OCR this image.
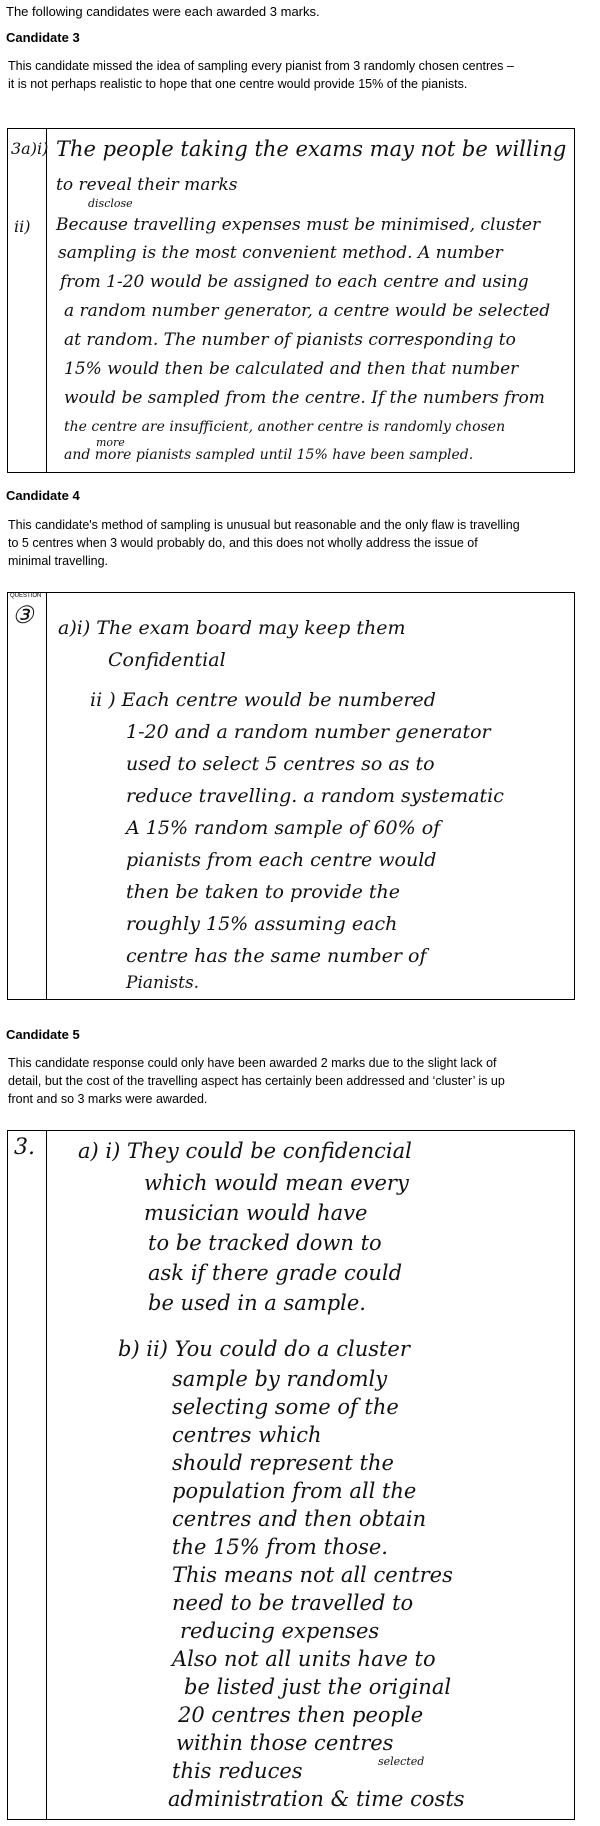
The following candidates were each awarded 3 marks.
Candidate 3
This candidate missed the idea of sampling every pianist from 3 randomly chosen centres –
it is not perhaps realistic to hope that one centre would provide 15% of the pianists.
3a)i)
ii)
The people taking the exams may not be willing
to reveal their marks
disclose
Because travelling expenses must be minimised, cluster
sampling is the most convenient method. A number
from 1-20 would be assigned to each centre and using
a random number generator, a centre would be selected
at random. The number of pianists corresponding to
15% would then be calculated and then that number
would be sampled from the centre. If the numbers from
the centre are insufficient, another centre is randomly chosen
more
and more pianists sampled until 15% have been sampled.
Candidate 4
This candidate's method of sampling is unusual but reasonable and the only flaw is travelling
to 5 centres when 3 would probably do, and this does not wholly address the issue of
minimal travelling.
QUESTION
③ a)i) The exam board may keep them
Confidential
ii ) Each centre would be numbered
1-20 and a random number generator
used to select 5 centres so as to
reduce travelling. a random systematic
A 15% random sample of 60% of
pianists from each centre would
then be taken to provide the
roughly 15% assuming each
centre has the same number of
Pianists.
Candidate 5
This candidate response could only have been awarded 2 marks due to the slight lack of
detail, but the cost of the travelling aspect has certainly been addressed and ‘cluster’ is up
front and so 3 marks were awarded.
3. a) i) They could be confidencial
which would mean every
musician would have
to be tracked down to
ask if there grade could
be used in a sample.
b) ii) You could do a cluster
sample by randomly
selecting some of the
centres which
should represent the
population from all the
centres and then obtain
the 15% from those.
This means not all centres
need to be travelled to
reducing expenses
Also not all units have to
be listed just the original
20 centres then people
within those centres
selected
this reduces
administration & time costs
